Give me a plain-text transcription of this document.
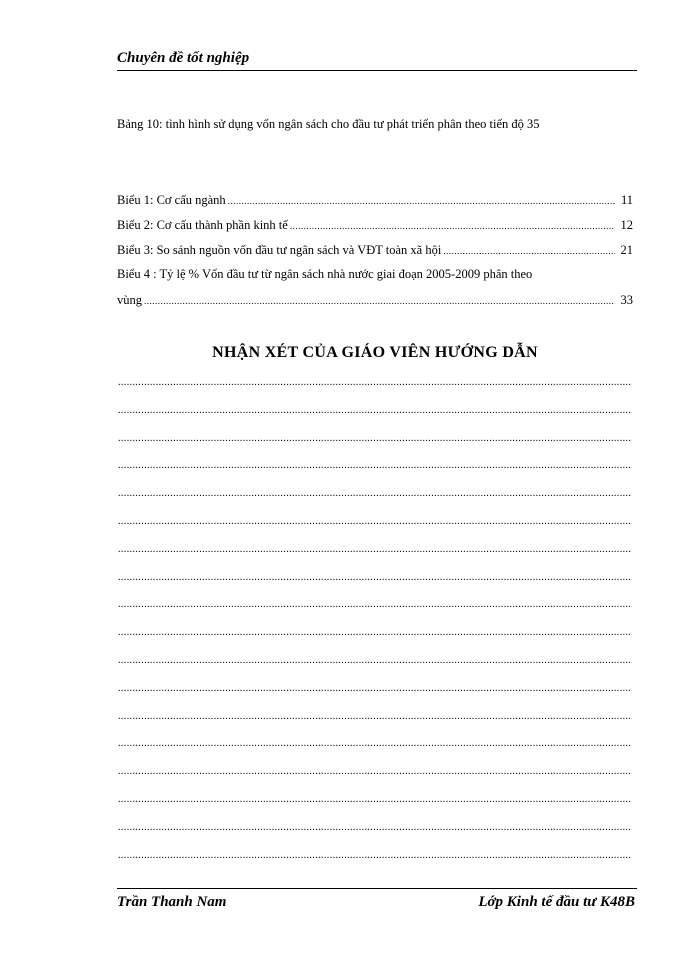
Chuyên đề tốt nghiệp
Bảng 10: tình hình sử dụng vốn ngân sách cho đầu tư phát triển phân theo tiến độ 35
Biểu 1: Cơ cấu ngành .....	11
Biểu 2: Cơ cấu thành phần kinh tế .....	12
Biểu 3: So sánh nguồn vốn đầu tư ngân sách và VĐT toàn xã hội .....	21
Biểu 4 : Tỷ lệ % Vốn đầu tư từ ngân sách nhà nước giai đoạn 2005-2009 phân theo
vùng .....	33
NHẬN XÉT CỦA GIÁO VIÊN HƯỚNG DẪN
.....
.....
.....
.....
.....
.....
.....
.....
.....
.....
.....
.....
.....
.....
.....
.....
.....
.....
Trần Thanh Nam	Lớp Kinh tế đầu tư K48B
